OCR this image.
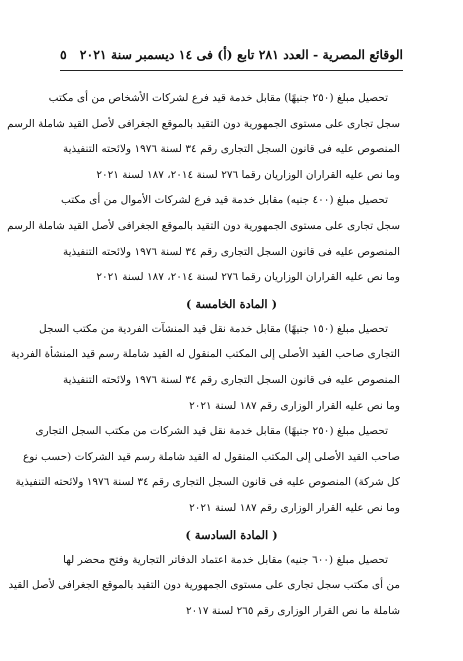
الوقائع المصرية - العدد ٢٨١ تابع (أ) فى ١٤ ديسمبر سنة ٢٠٢١
٥
تحصيل مبلغ (٢٥٠ جنيهًا) مقابل خدمة قيد فرع لشركات الأشخاص من أى مكتب
سجل تجارى على مستوى الجمهورية دون التقيد بالموقع الجغرافى لأصل القيد شاملة الرسم
المنصوص عليه فى قانون السجل التجارى رقم ٣٤ لسنة ١٩٧٦ ولائحته التنفيذية
وما نص عليه القراران الوزاريان رقما ٢٧٦ لسنة ٢٠١٤، ١٨٧ لسنة ٢٠٢١
تحصيل مبلغ (٤٠٠ جنيه) مقابل خدمة قيد فرع لشركات الأموال من أى مكتب
سجل تجارى على مستوى الجمهورية دون التقيد بالموقع الجغرافى لأصل القيد شاملة الرسم
المنصوص عليه فى قانون السجل التجارى رقم ٣٤ لسنة ١٩٧٦ ولائحته التنفيذية
وما نص عليه القراران الوزاريان رقما ٢٧٦ لسنة ٢٠١٤، ١٨٧ لسنة ٢٠٢١
( المادة الخامسة )
تحصيل مبلغ (١٥٠ جنيهًا) مقابل خدمة نقل قيد المنشآت الفردية من مكتب السجل
التجارى صاحب القيد الأصلى إلى المكتب المنقول له القيد شاملة رسم قيد المنشأة الفردية
المنصوص عليه فى قانون السجل التجارى رقم ٣٤ لسنة ١٩٧٦ ولائحته التنفيذية
وما نص عليه القرار الوزارى رقم ١٨٧ لسنة ٢٠٢١
تحصيل مبلغ (٢٥٠ جنيهًا) مقابل خدمة نقل قيد الشركات من مكتب السجل التجارى
صاحب القيد الأصلى إلى المكتب المنقول له القيد شاملة رسم قيد الشركات (حسب نوع
كل شركة) المنصوص عليه فى قانون السجل التجارى رقم ٣٤ لسنة ١٩٧٦ ولائحته التنفيذية
وما نص عليه القرار الوزارى رقم ١٨٧ لسنة ٢٠٢١
( المادة السادسة )
تحصيل مبلغ (٦٠٠ جنيه) مقابل خدمة اعتماد الدفاتر التجارية وفتح محضر لها
من أى مكتب سجل تجارى على مستوى الجمهورية دون التقيد بالموقع الجغرافى لأصل القيد
شاملة ما نص القرار الوزارى رقم ٢٦٥ لسنة ٢٠١٧
